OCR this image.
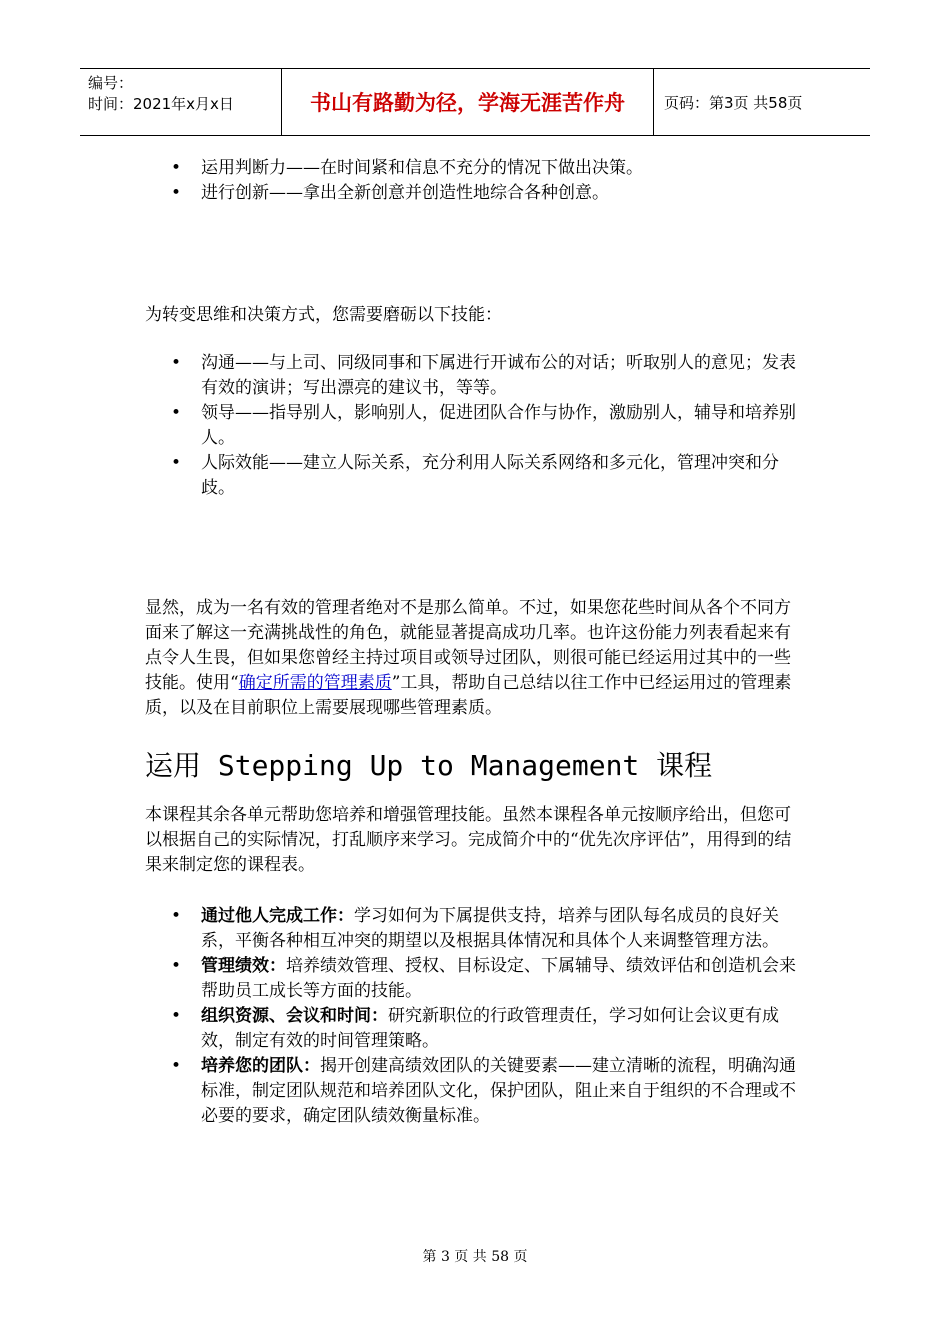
编号：
时间：2021年x月x日	书山有路勤为径，学海无涯苦作舟	页码：第3页 共58页
• 运用判断力——在时间紧和信息不充分的情况下做出决策。
• 进行创新——拿出全新创意并创造性地综合各种创意。

为转变思维和决策方式，您需要磨砺以下技能：

• 沟通——与上司、同级同事和下属进行开诚布公的对话；听取别人的意见；发表有效的演讲；写出漂亮的建议书，等等。
• 领导——指导别人，影响别人，促进团队合作与协作，激励别人，辅导和培养别人。
• 人际效能——建立人际关系，充分利用人际关系网络和多元化，管理冲突和分歧。

显然，成为一名有效的管理者绝对不是那么简单。不过，如果您花些时间从各个不同方面来了解这一充满挑战性的角色，就能显著提高成功几率。也许这份能力列表看起来有点令人生畏，但如果您曾经主持过项目或领导过团队，则很可能已经运用过其中的一些技能。使用“确定所需的管理素质”工具，帮助自己总结以往工作中已经运用过的管理素质，以及在目前职位上需要展现哪些管理素质。

运用 Stepping Up to Management 课程

本课程其余各单元帮助您培养和增强管理技能。虽然本课程各单元按顺序给出，但您可以根据自己的实际情况，打乱顺序来学习。完成简介中的“优先次序评估”，用得到的结果来制定您的课程表。

• 通过他人完成工作：学习如何为下属提供支持，培养与团队每名成员的良好关系，平衡各种相互冲突的期望以及根据具体情况和具体个人来调整管理方法。
• 管理绩效：培养绩效管理、授权、目标设定、下属辅导、绩效评估和创造机会来帮助员工成长等方面的技能。
• 组织资源、会议和时间：研究新职位的行政管理责任，学习如何让会议更有成效，制定有效的时间管理策略。
• 培养您的团队：揭开创建高绩效团队的关键要素——建立清晰的流程，明确沟通标准，制定团队规范和培养团队文化，保护团队，阻止来自于组织的不合理或不必要的要求，确定团队绩效衡量标准。
第 3 页 共 58 页
